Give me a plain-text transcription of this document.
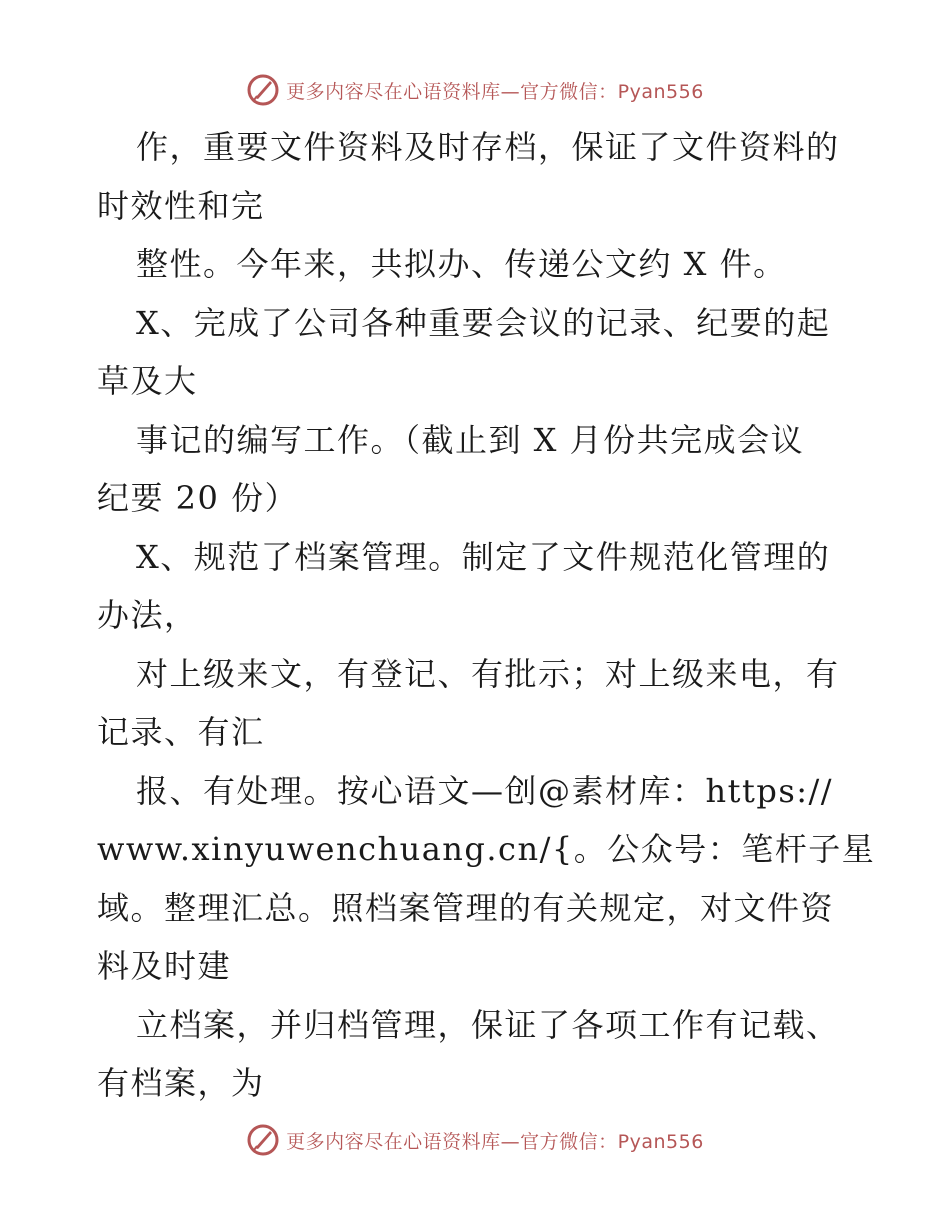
更多内容尽在心语资料库—官方微信：Pyan556
作，重要文件资料及时存档，保证了文件资料的
时效性和完
整性。今年来，共拟办、传递公文约 X 件。
X、完成了公司各种重要会议的记录、纪要的起
草及大
事记的编写工作。（截止到 X 月份共完成会议
纪要 20 份）
X、规范了档案管理。制定了文件规范化管理的
办法，
对上级来文，有登记、有批示；对上级来电，有
记录、有汇
报、有处理。按心语文—创@素材库：https://
www.xinyuwenchuang.cn/{。公众号：笔杆子星
域。整理汇总。照档案管理的有关规定，对文件资
料及时建
立档案，并归档管理，保证了各项工作有记载、
有档案，为
更多内容尽在心语资料库—官方微信：Pyan556
